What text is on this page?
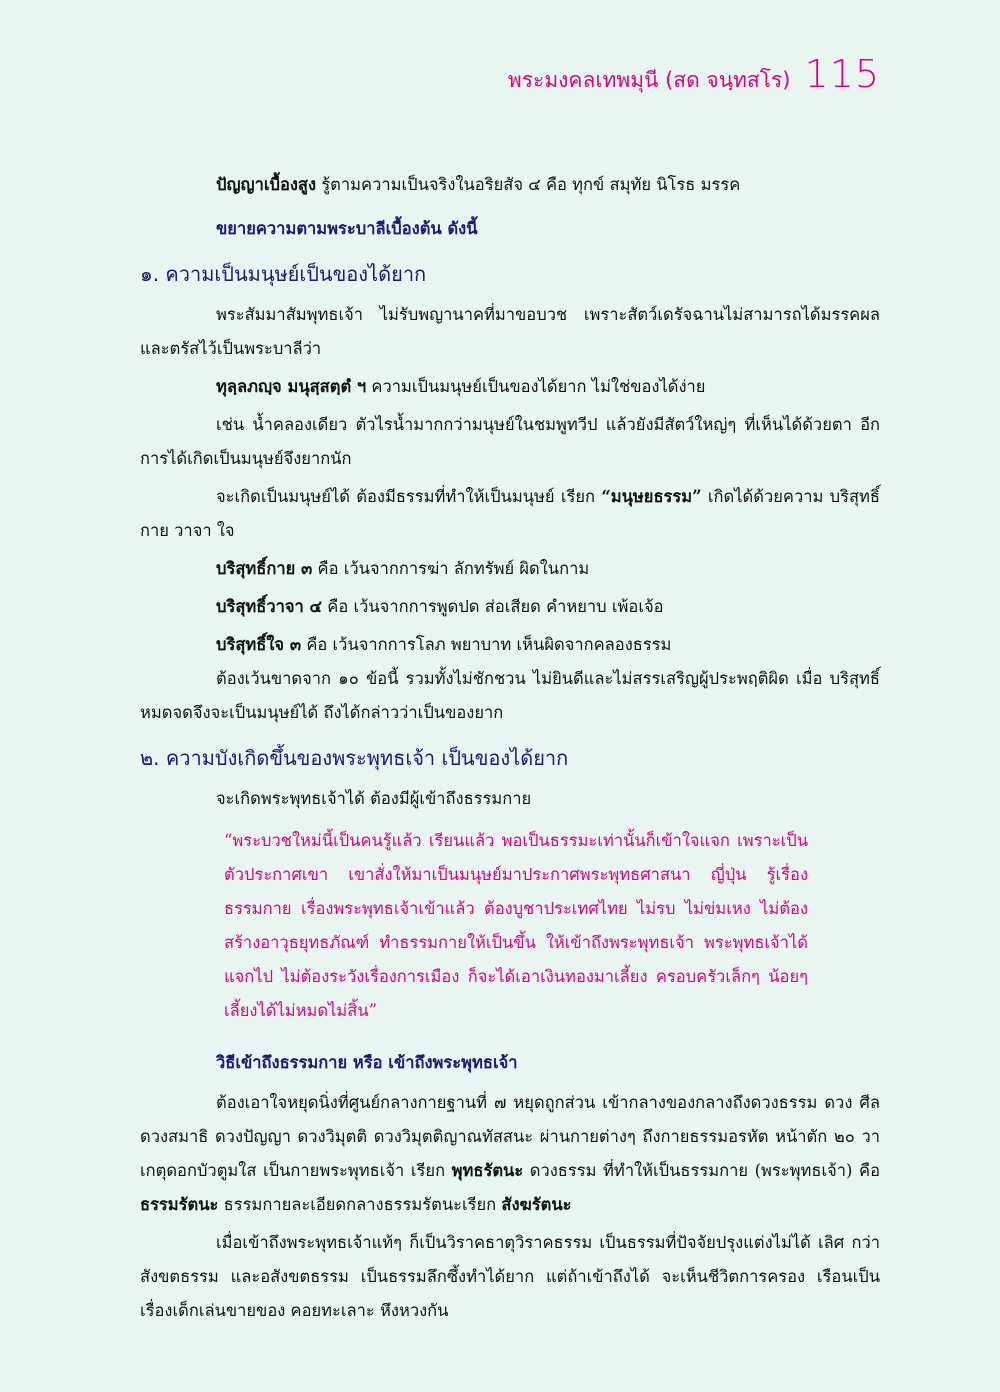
พระมงคลเทพมุนี (สด จนฺทสโร) 115

ปัญญาเบื้องสูง รู้ตามความเป็นจริงในอริยสัจ ๔ คือ ทุกข์ สมุทัย นิโรธ มรรค

ขยายความตามพระบาลีเบื้องต้น ดังนี้
๑. ความเป็นมนุษย์เป็นของได้ยาก

พระสัมมาสัมพุทธเจ้า ไม่รับพญานาคที่มาขอบวช เพราะสัตว์เดรัจฉานไม่สามารถได้มรรคผล และตรัสไว้เป็นพระบาลีว่า

ทุลฺลภญฺจ มนุสฺสตฺตํ ฯ ความเป็นมนุษย์เป็นของได้ยาก ไม่ใช่ของได้ง่าย

เช่น น้ำคลองเดียว ตัวไรน้ำมากกว่ามนุษย์ในชมพูทวีป แล้วยังมีสัตว์ใหญ่ๆ ที่เห็นได้ด้วยตา อีก การได้เกิดเป็นมนุษย์จึงยากนัก

จะเกิดเป็นมนุษย์ได้ ต้องมีธรรมที่ทำให้เป็นมนุษย์ เรียก “มนุษยธรรม” เกิดได้ด้วยความ บริสุทธิ์ กาย วาจา ใจ

บริสุทธิ์กาย ๓ คือ เว้นจากการฆ่า ลักทรัพย์ ผิดในกาม

บริสุทธิ์วาจา ๔ คือ เว้นจากการพูดปด ส่อเสียด คำหยาบ เพ้อเจ้อ

บริสุทธิ์ใจ ๓ คือ เว้นจากการโลภ พยาบาท เห็นผิดจากคลองธรรม

ต้องเว้นขาดจาก ๑๐ ข้อนี้ รวมทั้งไม่ชักชวน ไม่ยินดีและไม่สรรเสริญผู้ประพฤติผิด เมื่อ บริสุทธิ์ หมดจดจึงจะเป็นมนุษย์ได้ ถึงได้กล่าวว่าเป็นของยาก

๒. ความบังเกิดขึ้นของพระพุทธเจ้า เป็นของได้ยาก

จะเกิดพระพุทธเจ้าได้ ต้องมีผู้เข้าถึงธรรมกาย

“พระบวชใหม่นี้เป็นคนรู้แล้ว เรียนแล้ว พอเป็นธรรมะเท่านั้นก็เข้าใจแจก เพราะเป็นตัวประกาศเขา เขาสั่งให้มาเป็นมนุษย์มาประกาศพระพุทธศาสนา ญี่ปุ่น รู้เรื่องธรรมกาย เรื่องพระพุทธเจ้าเข้าแล้ว ต้องบูชาประเทศไทย ไม่รบ ไม่ข่มเหง ไม่ต้องสร้างอาวุธยุทธภัณฑ์ ทำธรรมกายให้เป็นขึ้น ให้เข้าถึงพระพุทธเจ้า พระพุทธเจ้าได้แจกไป ไม่ต้องระวังเรื่องการเมือง ก็จะได้เอาเงินทองมาเลี้ยง ครอบครัวเล็กๆ น้อยๆ เลี้ยงได้ไม่หมดไม่สิ้น”
วิธีเข้าถึงธรรมกาย หรือ เข้าถึงพระพุทธเจ้า

ต้องเอาใจหยุดนิ่งที่ศูนย์กลางกายฐานที่ ๗ หยุดถูกส่วน เข้ากลางของกลางถึงดวงธรรม ดวง ศีล ดวงสมาธิ ดวงปัญญา ดวงวิมุตติ ดวงวิมุตติญาณทัสสนะ ผ่านกายต่างๆ ถึงกายธรรมอรหัต หน้าตัก ๒๐ วา เกตุดอกบัวตูมใส เป็นกายพระพุทธเจ้า เรียก พุทธรัตนะ ดวงธรรม ที่ทำให้เป็นธรรมกาย (พระพุทธเจ้า) คือ ธรรมรัตนะ ธรรมกายละเอียดกลางธรรมรัตนะเรียก สังฆรัตนะ

เมื่อเข้าถึงพระพุทธเจ้าแท้ๆ ก็เป็นวิราคธาตุวิราคธรรม เป็นธรรมที่ปัจจัยปรุงแต่งไม่ได้ เลิศ กว่า สังขตธรรม และอสังขตธรรม เป็นธรรมลึกซึ้งทำได้ยาก แต่ถ้าเข้าถึงได้ จะเห็นชีวิตการครอง เรือนเป็น เรื่องเด็กเล่นขายของ คอยทะเลาะ หึงหวงกัน
